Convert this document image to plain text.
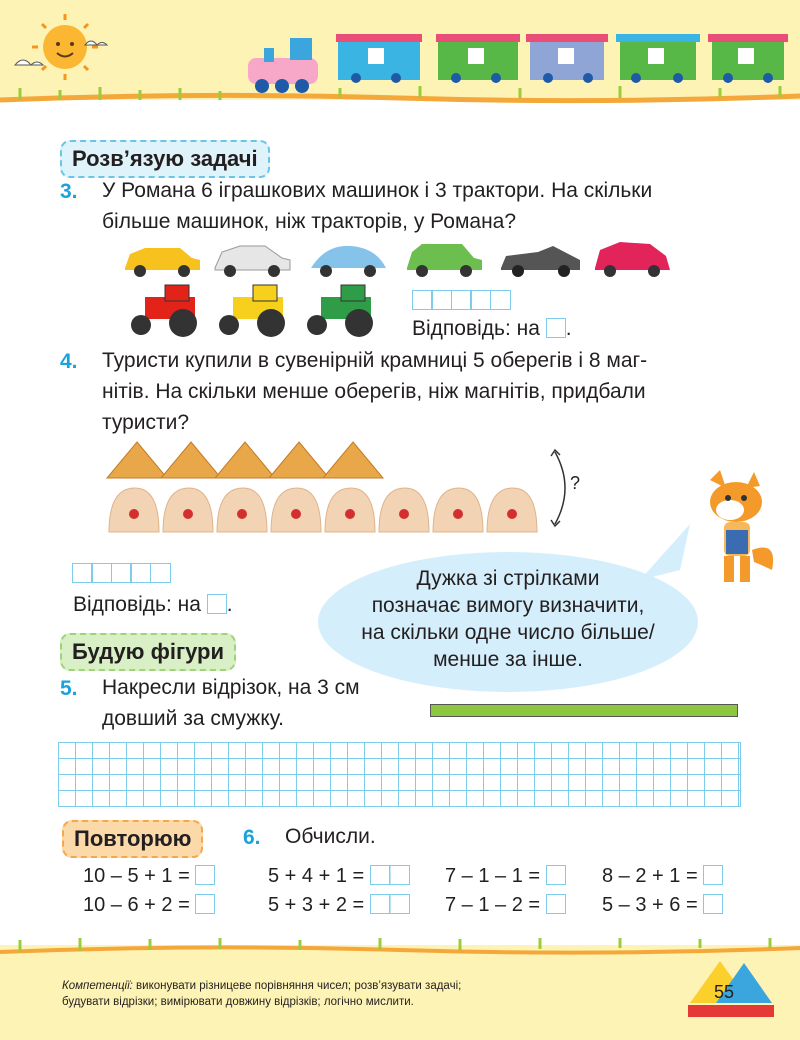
Розв’язую задачі
3. У Романа 6 іграшкових машинок і 3 трактори. На скільки
більше машинок, ніж тракторів, у Романа?
Відповідь: на .
4. Туристи купили в сувенірній крамниці 5 оберегів і 8 маг-
нітів. На скільки менше оберегів, ніж магнітів, придбали
туристи?
?
Відповідь: на .
Дужка зі стрілками
позначає вимогу визначити,
на скільки одне число більше/
менше за інше.
Будую фігури
5. Накресли відрізок, на 3 см
довший за смужку.
Повторюю	6. Обчисли.
10 – 5 + 1 =	5 + 4 + 1 =	7 – 1 – 1 =	8 – 2 + 1 =
10 – 6 + 2 =	5 + 3 + 2 =	7 – 1 – 2 =	5 – 3 + 6 =
Компетенції: виконувати різницеве порівняння чисел; розв’язувати задачі;
будувати відрізки; вимірювати довжину відрізків; логічно мислити.	55
